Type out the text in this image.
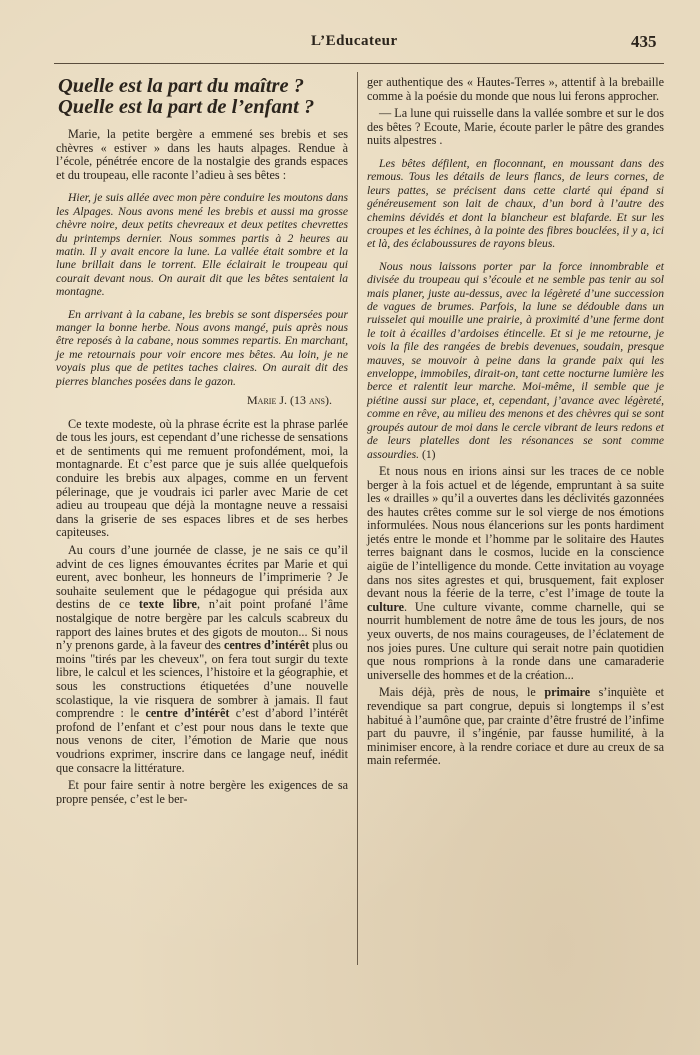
L’Educateur	435

Quelle est la part du maître ?
Quelle est la part de l’enfant ?

Marie, la petite bergère a emmené ses brebis et ses chèvres « estiver » dans les hauts alpages. Rendue à l’école, pénétrée encore de la nostalgie des grands espaces et du troupeau, elle raconte l’adieu à ses bêtes :

Hier, je suis allée avec mon père conduire les moutons dans les Alpages. Nous avons mené les brebis et aussi ma grosse chèvre noire, deux petits chevreaux et deux petites chevrettes du printemps dernier. Nous sommes partis à 2 heures au matin. Il y avait encore la lune. La vallée était sombre et la lune brillait dans le torrent. Elle éclairait le troupeau qui courait devant nous. On aurait dit que les bêtes sentaient la montagne.

En arrivant à la cabane, les brebis se sont dispersées pour manger la bonne herbe. Nous avons mangé, puis après nous être reposés à la cabane, nous sommes repartis. En marchant, je me retournais pour voir encore mes bêtes. Au loin, je ne voyais plus que de petites taches claires. On aurait dit des pierres blanches posées dans le gazon.

Marie J. (13 ans).

Ce texte modeste, où la phrase écrite est la phrase parlée de tous les jours, est cependant d’une richesse de sensations et de sentiments qui me remuent profondément, moi, la montagnarde. Et c’est parce que je suis allée quelquefois conduire les brebis aux alpages, comme en un fervent pélerinage, que je voudrais ici parler avec Marie de cet adieu au troupeau que déjà la montagne neuve a ressaisi dans la griserie de ses espaces libres et de ses herbes capiteuses.

Au cours d’une journée de classe, je ne sais ce qu’il advint de ces lignes émouvantes écrites par Marie et qui eurent, avec bonheur, les honneurs de l’imprimerie ? Je souhaite seulement que le pédagogue qui présida aux destins de ce texte libre, n’ait point profané l’âme nostalgique de notre bergère par les calculs scabreux du rapport des laines brutes et des gigots de mouton... Si nous n’y prenons garde, à la faveur des centres d’intérêt plus ou moins "tirés par les cheveux", on fera tout surgir du texte libre, le calcul et les sciences, l’histoire et la géographie, et sous les constructions étiquetées d’une nouvelle scolastique, la vie risquera de sombrer à jamais. Il faut comprendre : le centre d’intérêt c’est d’abord l’intérêt profond de l’enfant et c’est pour nous dans le texte que nous venons de citer, l’émotion de Marie que nous voudrions exprimer, inscrire dans ce langage neuf, inédit que consacre la littérature.

Et pour faire sentir à notre bergère les exigences de sa propre pensée, c’est le ber-

ger authentique des « Hautes-Terres », attentif à la brebaille comme à la poésie du monde que nous lui ferons approcher.

— La lune qui ruisselle dans la vallée sombre et sur le dos des bêtes ? Ecoute, Marie, écoute parler le pâtre des grandes nuits alpestres .

Les bêtes défilent, en floconnant, en moussant dans des remous. Tous les détails de leurs flancs, de leurs cornes, de leurs pattes, se précisent dans cette clarté qui épand si généreusement son lait de chaux, d’un bord à l’autre des chemins dévidés et dont la blancheur est blafarde. Et sur les croupes et les échines, à la pointe des fibres bouclées, il y a, ici et là, des éclaboussures de rayons bleus.

Nous nous laissons porter par la force innombrable et divisée du troupeau qui s’écoule et ne semble pas tenir au sol mais planer, juste au-dessus, avec la légèreté d’une succession de vagues de brumes. Parfois, la lune se dédouble dans un ruisselet qui mouille une prairie, à proximité d’une ferme dont le toit à écailles d’ardoises étincelle. Et si je me retourne, je vois la file des rangées de brebis devenues, soudain, presque mauves, se mouvoir à peine dans la grande paix qui les enveloppe, immobiles, dirait-on, tant cette nocturne lumière les berce et ralentit leur marche. Moi-même, il semble que je piétine aussi sur place, et, cependant, j’avance avec légèreté, comme en rêve, au milieu des menons et des chèvres qui se sont groupés autour de moi dans le cercle vibrant de leurs redons et de leurs platelles dont les résonances se sont comme assourdies. (1)

Et nous nous en irions ainsi sur les traces de ce noble berger à la fois actuel et de légende, empruntant à sa suite les « drailles » qu’il a ouvertes dans les déclivités gazonnées des hautes crêtes comme sur le sol vierge de nos émotions informulées. Nous nous élancerions sur les ponts hardiment jetés entre le monde et l’homme par le solitaire des Hautes terres baignant dans le cosmos, lucide en la conscience aigüe de l’intelligence du monde. Cette invitation au voyage dans nos sites agrestes et qui, brusquement, fait exploser devant nous la féerie de la terre, c’est l’image de toute la culture. Une culture vivante, comme charnelle, qui se nourrit humblement de notre âme de tous les jours, de nos yeux ouverts, de nos mains courageuses, de l’éclatement de nos joies pures. Une culture qui serait notre pain quotidien que nous romprions à la ronde dans une camaraderie universelle des hommes et de la création...

Mais déjà, près de nous, le primaire s’inquiète et revendique sa part congrue, depuis si longtemps il s’est habitué à l’aumône que, par crainte d’être frustré de l’infime part du pauvre, il s’ingénie, par fausse humilité, à la minimiser encore, à la rendre coriace et dure au creux de sa main refermée.
